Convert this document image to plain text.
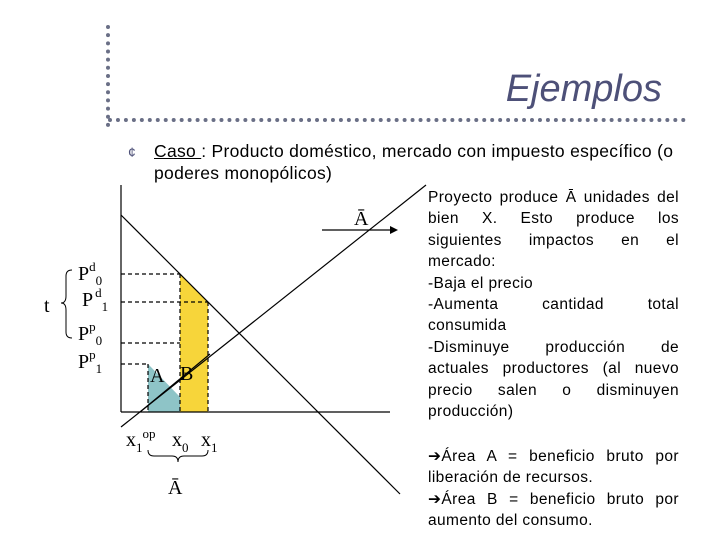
Ejemplos
¢ Caso : Producto doméstico, mercado con impuesto específico (o poderes monopólicos)
Ā
t
$P^d_0$
P $^d_1$
$P^p_0$
$P^p_1$ A B
$x_1^{op}$ $x_0$ $x_1$
Ā
Proyecto produce Ā unidades del bien X. Esto produce los siguientes impactos en el mercado:
-Baja el precio
-Aumenta cantidad total consumida
-Disminuye producción de actuales productores (al nuevo precio salen o disminuyen producción)
➔Área A = beneficio bruto por liberación de recursos.
➔Área B = beneficio bruto por aumento del consumo.
